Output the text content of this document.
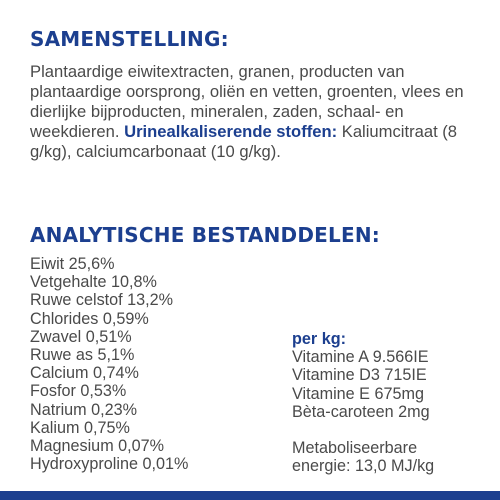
SAMENSTELLING:

Plantaardige eiwitextracten, granen, producten van plantaardige oorsprong, oliën en vetten, groenten, vlees en dierlijke bijproducten, mineralen, zaden, schaal- en weekdieren. Urinealkaliserende stoffen: Kaliumcitraat (8 g/kg), calciumcarbonaat (10 g/kg).

ANALYTISCHE BESTANDDELEN:
Eiwit 25,6%
Vetgehalte 10,8%
Ruwe celstof 13,2%
Chlorides 0,59%
Zwavel 0,51%
Ruwe as 5,1%
Calcium 0,74%
Fosfor 0,53%
Natrium 0,23%
Kalium 0,75%
Magnesium 0,07%
Hydroxyproline 0,01%
per kg:
Vitamine A 9.566IE
Vitamine D3 715IE
Vitamine E 675mg
Bèta-caroteen 2mg
Metaboliseerbare
energie: 13,0 MJ/kg
